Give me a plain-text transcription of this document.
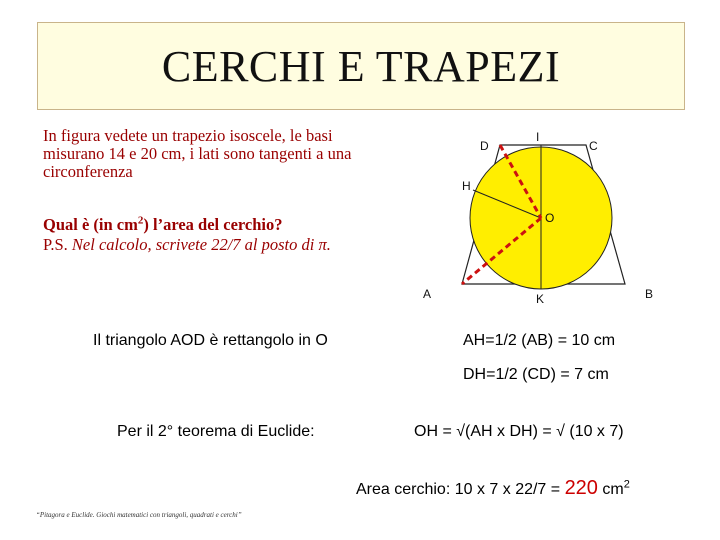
CERCHI E TRAPEZI
In figura vedete un trapezio isoscele, le basi misurano 14 e 20 cm, i lati sono tangenti a una circonferenza
Qual è (in $cm^2$) l’area del cerchio?
P.S. Nel calcolo, scrivete 22/7 al posto di π.
D
I
C
H
O
A	K	B
Il triangolo AOD è rettangolo in O	AH=1/2 (AB) = 10 cm
DH=1/2 (CD) = 7 cm
Per il 2° teorema di Euclide:	OH = √(AH x DH) = √ (10 x 7)
Area cerchio: 10 x 7 x 22/7 = 220 $cm^2$
“Pitagora e Euclide. Giochi matematici con triangoli, quadrati e cerchi”
